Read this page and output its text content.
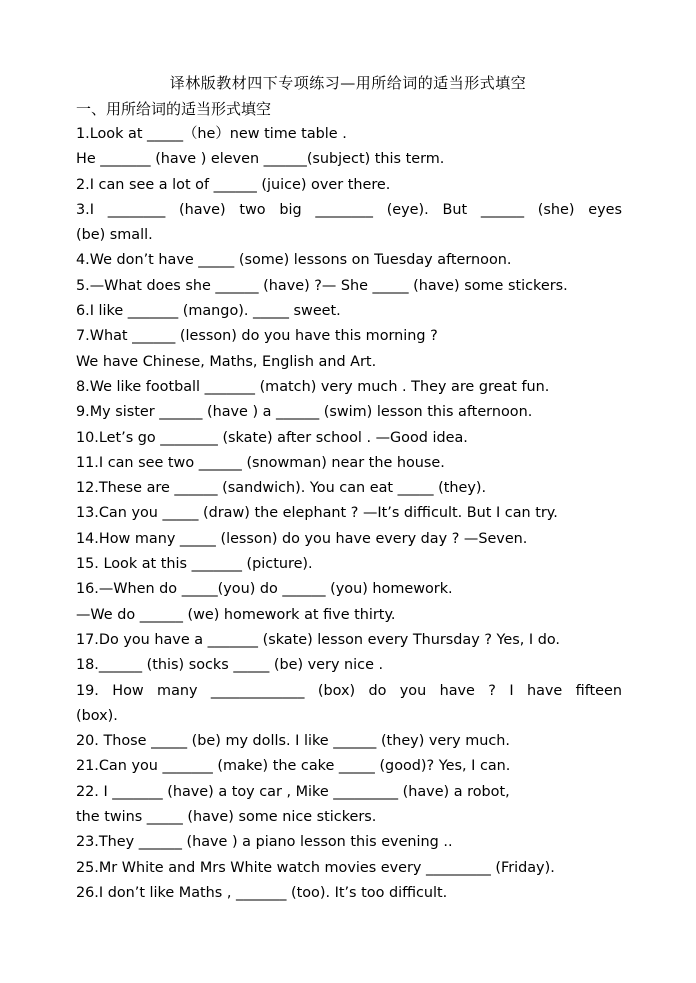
译林版教材四下专项练习—用所给词的适当形式填空
一、用所给词的适当形式填空
1.Look at _____（he）new time table .
He _______ (have ) eleven ______(subject) this term.
2.I can see a lot of ______ (juice) over there.
3.I ________ (have) two big ________ (eye). But ______ (she) eyes
(be) small.
4.We don’t have _____ (some) lessons on Tuesday afternoon.
5.—What does she ______ (have) ?— She _____ (have) some stickers.
6.I like _______ (mango). _____ sweet.
7.What ______ (lesson) do you have this morning ?
We have Chinese, Maths, English and Art.
8.We like football _______ (match) very much . They are great fun.
9.My sister ______ (have ) a ______ (swim) lesson this afternoon.
10.Let’s go ________ (skate) after school . —Good idea.
11.I can see two ______ (snowman) near the house.
12.These are ______ (sandwich). You can eat _____ (they).
13.Can you _____ (draw) the elephant ? —It’s difficult. But I can try.
14.How many _____ (lesson) do you have every day ? —Seven.
15. Look at this _______ (picture).
16.—When do _____(you) do ______ (you) homework.
—We do ______ (we) homework at five thirty.
17.Do you have a _______ (skate) lesson every Thursday ? Yes, I do.
18.______ (this) socks _____ (be) very nice .
19. How many _____________ (box) do you have ? I have fifteen
(box).
20. Those _____ (be) my dolls. I like ______ (they) very much.
21.Can you _______ (make) the cake _____ (good)? Yes, I can.
22. I _______ (have) a toy car , Mike _________ (have) a robot,
the twins _____ (have) some nice stickers.
23.They ______ (have ) a piano lesson this evening ..
25.Mr White and Mrs White watch movies every _________ (Friday).
26.I don’t like Maths , _______ (too). It’s too difficult.
